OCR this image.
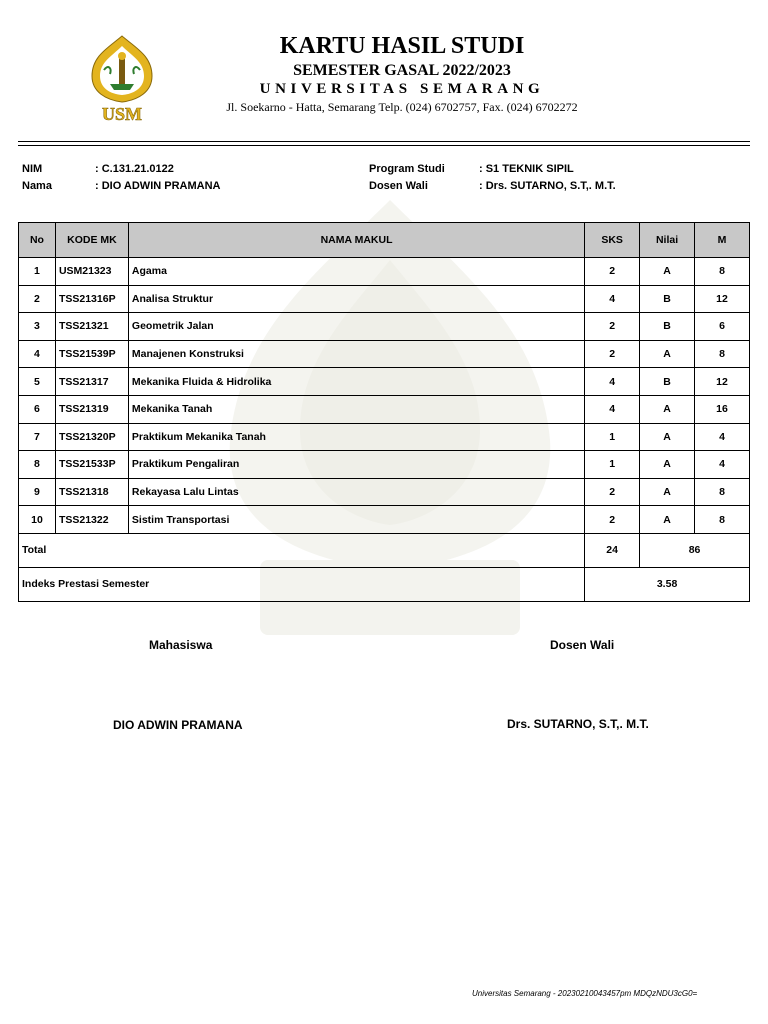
USM
KARTU HASIL STUDI
SEMESTER GASAL 2022/2023
UNIVERSITAS SEMARANG
Jl. Soekarno - Hatta, Semarang Telp. (024) 6702757, Fax. (024) 6702272
NIM	: C.131.21.0122
Nama	: DIO ADWIN PRAMANA
Program Studi	: S1 TEKNIK SIPIL
Dosen Wali	: Drs. SUTARNO, S.T,. M.T.
No	KODE MK	NAMA MAKUL	SKS	Nilai	M
1	USM21323	Agama	2	A	8
2	TSS21316P	Analisa Struktur	4	B	12
3	TSS21321	Geometrik Jalan	2	B	6
4	TSS21539P	Manajenen Konstruksi	2	A	8
5	TSS21317	Mekanika Fluida & Hidrolika	4	B	12
6	TSS21319	Mekanika Tanah	4	A	16
7	TSS21320P	Praktikum Mekanika Tanah	1	A	4
8	TSS21533P	Praktikum Pengaliran	1	A	4
9	TSS21318	Rekayasa Lalu Lintas	2	A	8
10	TSS21322	Sistim Transportasi	2	A	8
Total			24	86	
Indeks Prestasi Semester			3.58		
Mahasiswa	Dosen Wali
DIO ADWIN PRAMANA	Drs. SUTARNO, S.T,. M.T.
Universitas Semarang - 20230210043457pm MDQzNDU3cG0=
